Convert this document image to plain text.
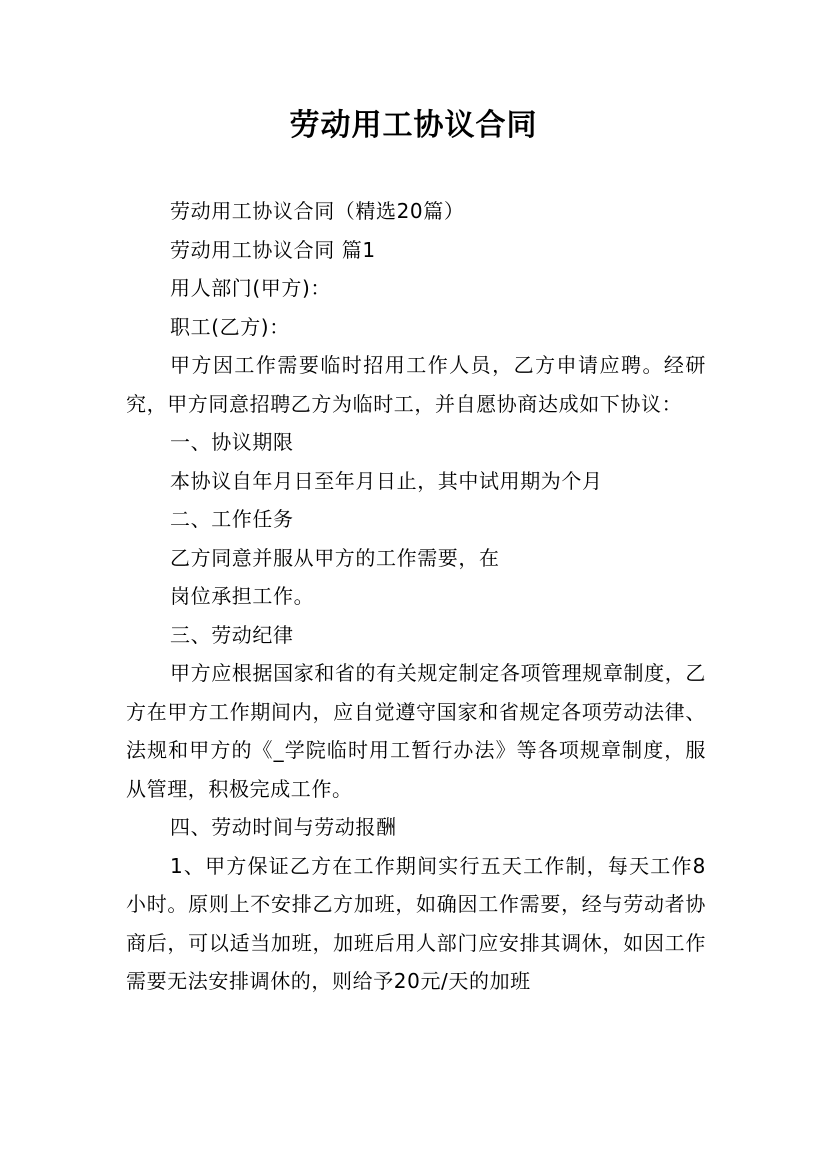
劳动用工协议合同

劳动用工协议合同（精选20篇）

劳动用工协议合同 篇1

用人部门(甲方)：

职工(乙方)：

甲方因工作需要临时招用工作人员，乙方申请应聘。经研究，甲方同意招聘乙方为临时工，并自愿协商达成如下协议：

一、协议期限

本协议自年月日至年月日止，其中试用期为个月

二、工作任务

乙方同意并服从甲方的工作需要，在

岗位承担工作。

三、劳动纪律

甲方应根据国家和省的有关规定制定各项管理规章制度，乙方在甲方工作期间内，应自觉遵守国家和省规定各项劳动法律、法规和甲方的《_学院临时用工暂行办法》等各项规章制度，服从管理，积极完成工作。

四、劳动时间与劳动报酬

1、甲方保证乙方在工作期间实行五天工作制，每天工作8小时。原则上不安排乙方加班，如确因工作需要，经与劳动者协商后，可以适当加班，加班后用人部门应安排其调休，如因工作需要无法安排调休的，则给予20元/天的加班
